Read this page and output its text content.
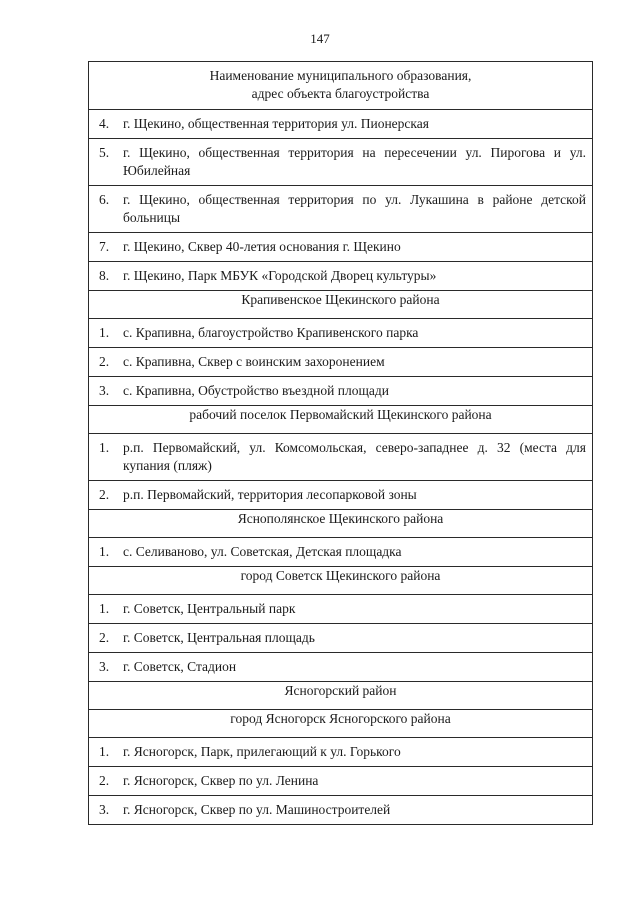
147
Наименование муниципального образования,
адрес объекта благоустройства

4.	г. Щекино, общественная территория ул. Пионерская

5.	г. Щекино, общественная территория на пересечении ул. Пирогова и ул. Юбилейная

6.	г. Щекино, общественная территория по ул. Лукашина в районе детской больницы

7.	г. Щекино, Сквер 40-летия основания г. Щекино

8.	г. Щекино, Парк МБУК «Городской Дворец культуры»

Крапивенское Щекинского района

1.	с. Крапивна, благоустройство Крапивенского парка

2.	с. Крапивна, Сквер с воинским захоронением

3.	с. Крапивна, Обустройство въездной площади

рабочий поселок Первомайский Щекинского района

1.	р.п. Первомайский, ул. Комсомольская, северо-западнее д. 32 (места для купания (пляж)

2.	р.п. Первомайский, территория лесопарковой зоны

Яснополянское Щекинского района

1.	с. Селиваново, ул. Советская, Детская площадка

город Советск Щекинского района

1.	г. Советск, Центральный парк

2.	г. Советск, Центральная площадь

3.	г. Советск, Стадион

Ясногорский район
город Ясногорск Ясногорского района

1.	г. Ясногорск, Парк, прилегающий к ул. Горького

2.	г. Ясногорск, Сквер по ул. Ленина

3.	г. Ясногорск, Сквер по ул. Машиностроителей
